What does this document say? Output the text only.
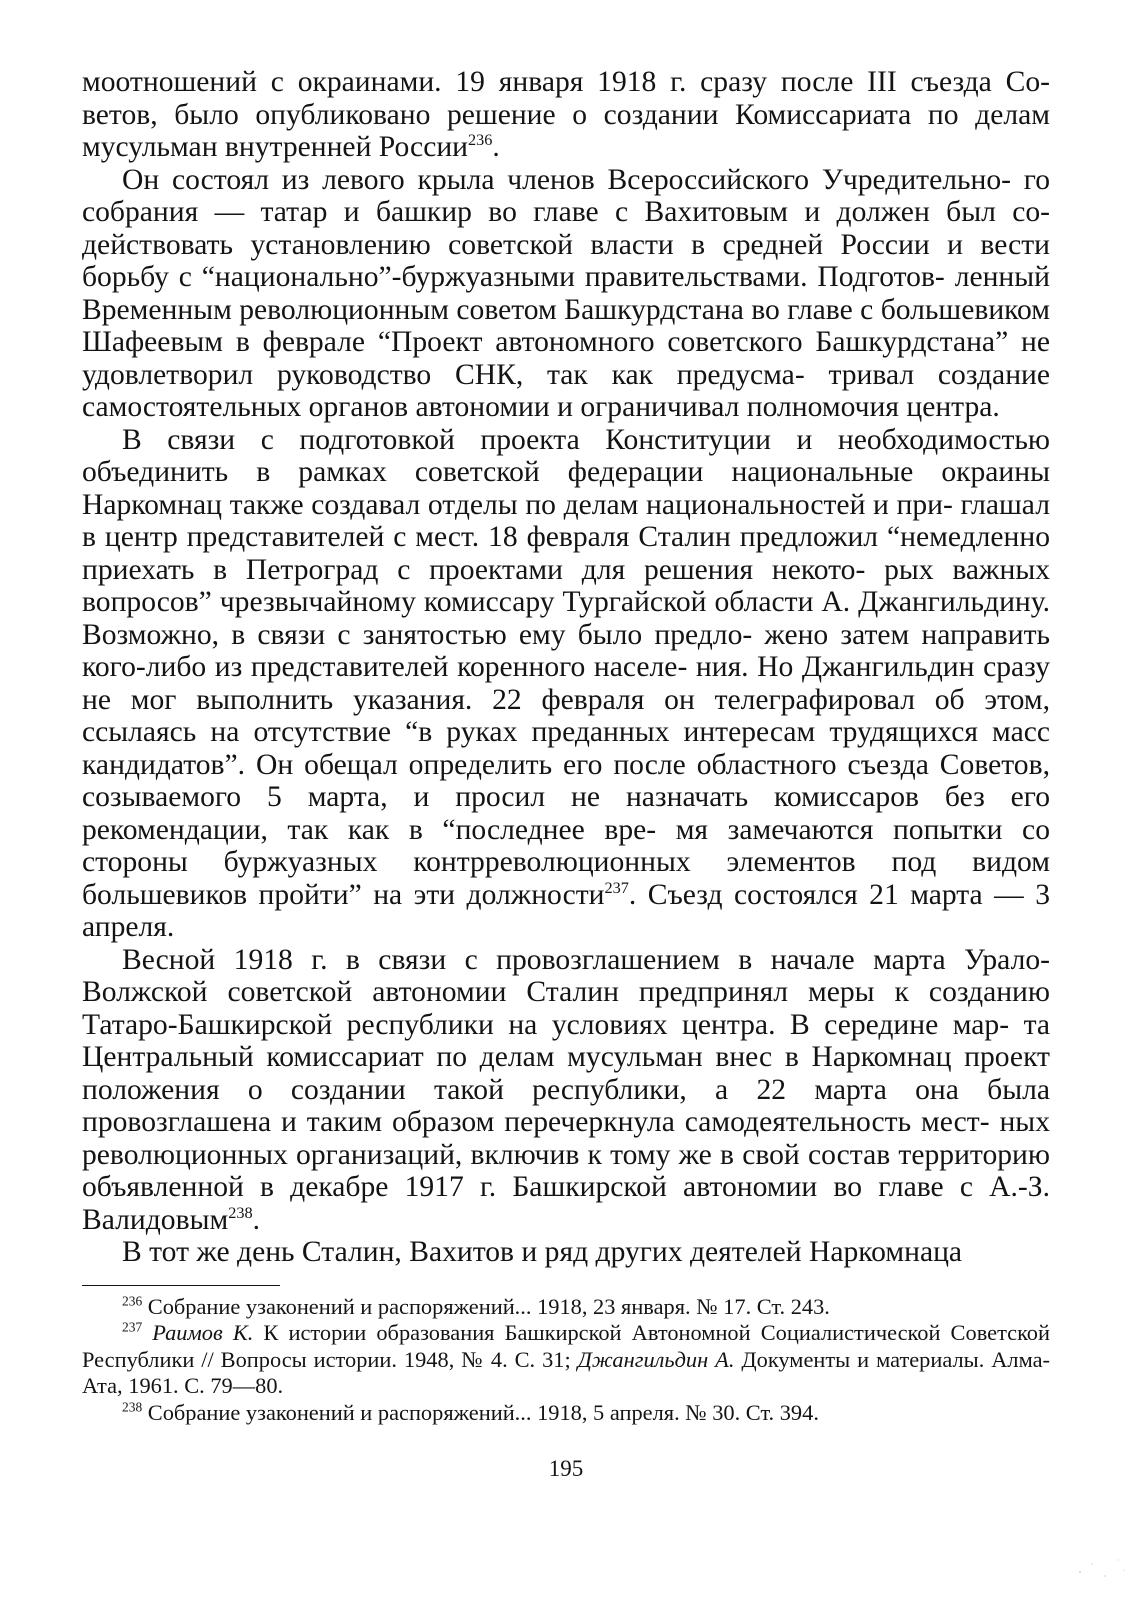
моотношений с окраинами. 19 января 1918 г. сразу после III съезда Со- ветов, было опубликовано решение о создании Комиссариата по делам мусульман внутренней России$^{236}$.

Он состоял из левого крыла членов Всероссийского Учредительно- го собрания — татар и башкир во главе с Вахитовым и должен был со- действовать установлению советской власти в средней России и вести борьбу с “национально”-буржуазными правительствами. Подготов- ленный Временным революционным советом Башкурдстана во главе с большевиком Шафеевым в феврале “Проект автономного советского Башкурдстана” не удовлетворил руководство СНК, так как предусма- тривал создание самостоятельных органов автономии и ограничивал полномочия центра.

В связи с подготовкой проекта Конституции и необходимостью объединить в рамках советской федерации национальные окраины Наркомнац также создавал отделы по делам национальностей и при- глашал в центр представителей с мест. 18 февраля Сталин предложил “немедленно приехать в Петроград с проектами для решения некото- рых важных вопросов” чрезвычайному комиссару Тургайской области А. Джангильдину. Возможно, в связи с занятостью ему было предло- жено затем направить кого-либо из представителей коренного населе- ния. Но Джангильдин сразу не мог выполнить указания. 22 февраля он телеграфировал об этом, ссылаясь на отсутствие “в руках преданных интересам трудящихся масс кандидатов”. Он обещал определить его после областного съезда Советов, созываемого 5 марта, и просил не назначать комиссаров без его рекомендации, так как в “последнее вре- мя замечаются попытки со стороны буржуазных контрреволюционных элементов под видом большевиков пройти” на эти должности$^{237}$. Съезд состоялся 21 марта — 3 апреля.

Весной 1918 г. в связи с провозглашением в начале марта Урало- Волжской советской автономии Сталин предпринял меры к созданию Татаро-Башкирской республики на условиях центра. В середине мар- та Центральный комиссариат по делам мусульман внес в Наркомнац проект положения о создании такой республики, а 22 марта она была провозглашена и таким образом перечеркнула самодеятельность мест- ных революционных организаций, включив к тому же в свой состав территорию объявленной в декабре 1917 г. Башкирской автономии во главе с А.-З. Валидовым$^{238}$.

В тот же день Сталин, Вахитов и ряд других деятелей Наркомнаца

$^{236}$ Собрание узаконений и распоряжений... 1918, 23 января. № 17. Ст. 243.

$^{237}$ Раимов К. К истории образования Башкирской Автономной Социалистической Советской Республики // Вопросы истории. 1948, № 4. С. 31; Джангильдин А. Документы и материалы. Алма-Ата, 1961. С. 79—80.

$^{238}$ Собрание узаконений и распоряжений... 1918, 5 апреля. № 30. Ст. 394.

195
